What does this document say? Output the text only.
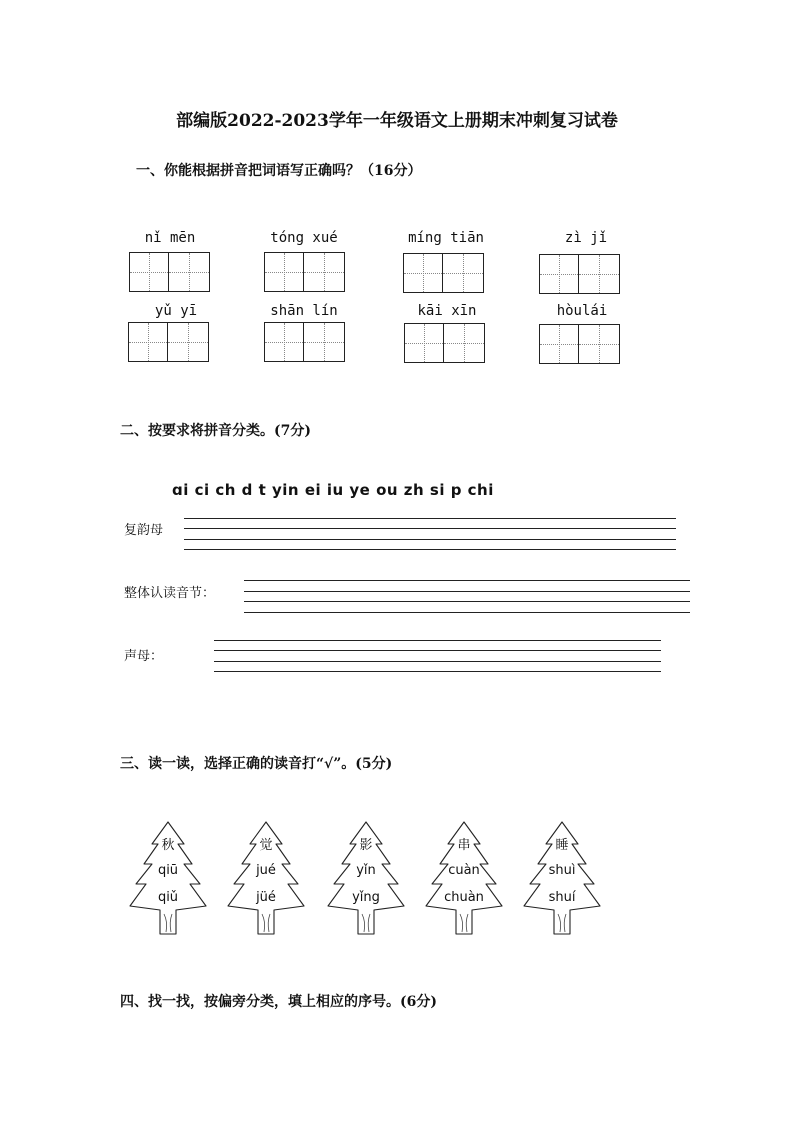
部编版2022-2023学年一年级语文上册期末冲刺复习试卷
一、你能根据拼音把词语写正确吗？（16分）
nǐ mēn	tóng xué	míng tiān	zì jǐ
yǔ yī	shān lín	kāi xīn	hòulái
二、按要求将拼音分类。(7分)
ɑi ci ch d t yin ei iu ye ou zh si p chi
复韵母
整体认读音节：
声母：
三、读一读，选择正确的读音打“√”。(5分)
秋
qiū
qiǔ
觉
jué
jüé
影
yǐn
yǐng
串
cuàn
chuàn
睡
shuì
shuí
四、找一找，按偏旁分类，填上相应的序号。(6分)
